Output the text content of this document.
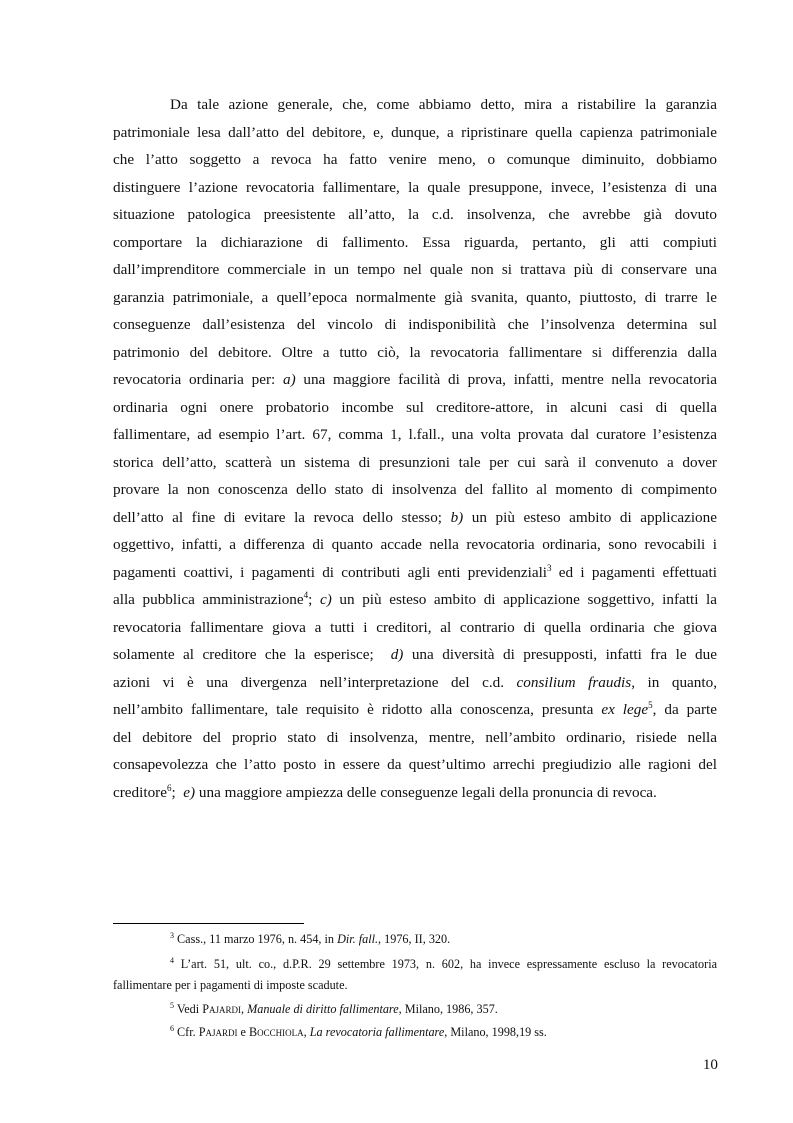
Da tale azione generale, che, come abbiamo detto, mira a ristabilire la garanzia
patrimoniale lesa dall’atto del debitore, e, dunque, a ripristinare quella capienza patrimoniale
che l’atto soggetto a revoca ha fatto venire meno, o comunque diminuito, dobbiamo
distinguere l’azione revocatoria fallimentare, la quale presuppone, invece, l’esistenza di una
situazione patologica preesistente all’atto, la c.d. insolvenza, che avrebbe già dovuto
comportare la dichiarazione di fallimento. Essa riguarda, pertanto, gli atti compiuti
dall’imprenditore commerciale in un tempo nel quale non si trattava più di conservare una
garanzia patrimoniale, a quell’epoca normalmente già svanita, quanto, piuttosto, di trarre le
conseguenze dall’esistenza del vincolo di indisponibilità che l’insolvenza determina sul
patrimonio del debitore. Oltre a tutto ciò, la revocatoria fallimentare si differenzia dalla
revocatoria ordinaria per: a) una maggiore facilità di prova, infatti, mentre nella revocatoria
ordinaria ogni onere probatorio incombe sul creditore-attore, in alcuni casi di quella
fallimentare, ad esempio l’art. 67, comma 1, l.fall., una volta provata dal curatore l’esistenza
storica dell’atto, scatterà un sistema di presunzioni tale per cui sarà il convenuto a dover
provare la non conoscenza dello stato di insolvenza del fallito al momento di compimento
dell’atto al fine di evitare la revoca dello stesso; b) un più esteso ambito di applicazione
oggettivo, infatti, a differenza di quanto accade nella revocatoria ordinaria, sono revocabili i
pagamenti coattivi, i pagamenti di contributi agli enti previdenziali$^3$ ed i pagamenti effettuati
alla pubblica amministrazione$^4$; c) un più esteso ambito di applicazione soggettivo, infatti la
revocatoria fallimentare giova a tutti i creditori, al contrario di quella ordinaria che giova
solamente al creditore che la esperisce;  d) una diversità di presupposti, infatti fra le due
azioni vi è una divergenza nell’interpretazione del c.d. consilium fraudis, in quanto,
nell’ambito fallimentare, tale requisito è ridotto alla conoscenza, presunta ex lege$^5$, da parte
del debitore del proprio stato di insolvenza, mentre, nell’ambito ordinario, risiede nella
consapevolezza che l’atto posto in essere da quest’ultimo arrechi pregiudizio alle ragioni del
creditore$^6$;  e) una maggiore ampiezza delle conseguenze legali della pronuncia di revoca.
$^3$ Cass., 11 marzo 1976, n. 454, in Dir. fall., 1976, II, 320.
$^4$ L’art. 51, ult. co., d.P.R. 29 settembre 1973, n. 602, ha invece espressamente escluso la revocatoria
fallimentare per i pagamenti di imposte scadute.
$^5$ Vedi Pajardi, Manuale di diritto fallimentare, Milano, 1986, 357.
$^6$ Cfr. Pajardi e Bocchiola, La revocatoria fallimentare, Milano, 1998,19 ss.
10
